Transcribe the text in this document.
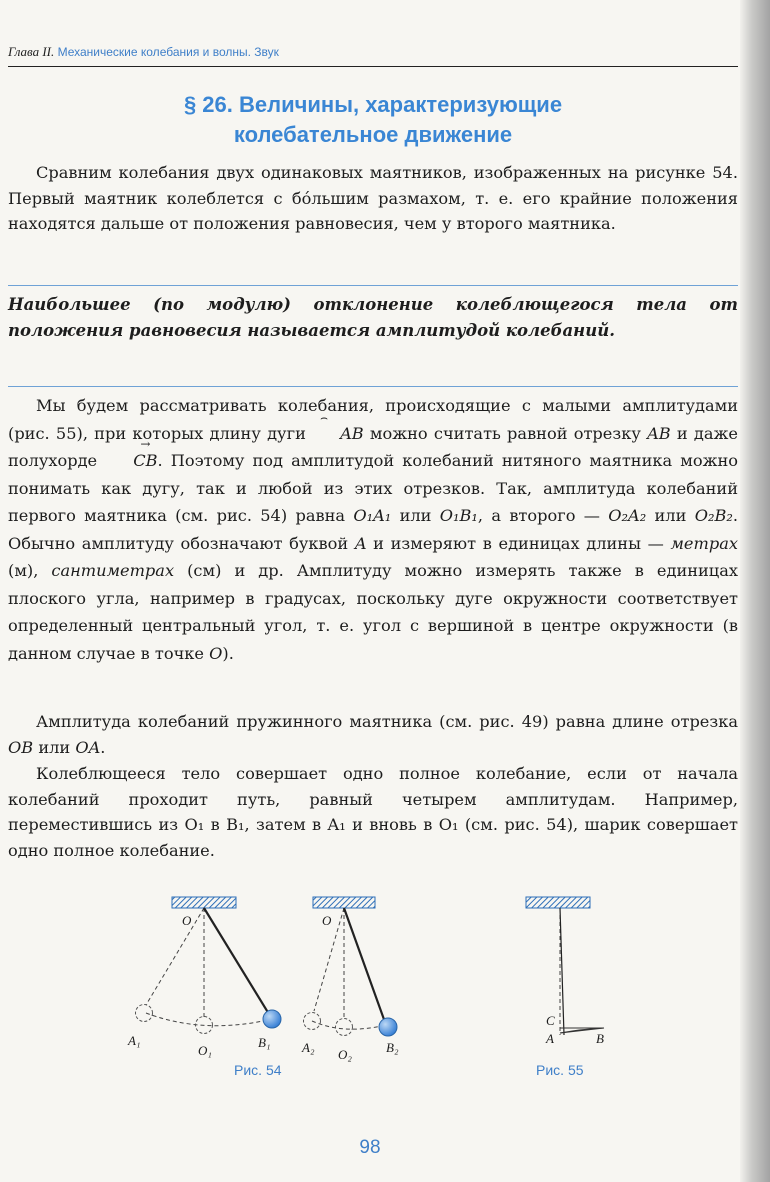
Глава II. Механические колебания и волны. Звук
§ 26. Величины, характеризующие
колебательное движение

Сравним колебания двух одинаковых маятников, изображенных на рисунке 54. Первый маятник колеблется с бо́льшим размахом, т. е. его крайние положения находятся дальше от положения равновесия, чем у второго маятника.

Наибольшее (по модулю) отклонение колеблющегося тела от положения равновесия называется амплитудой колебаний.

Мы будем рассматривать колебания, происходящие с малыми амплитудами (рис. 55), при которых длину дуги ⌣ AB можно считать равной отрезку AB и даже полухорде → CB. Поэтому под амплитудой колебаний нитяного маятника можно понимать как дугу, так и любой из этих отрезков. Так, амплитуда колебаний первого маятника (см. рис. 54) равна O₁A₁ или O₁B₁, а второго — O₂A₂ или O₂B₂. Обычно амплитуду обозначают буквой A и измеряют в единицах длины — метрах (м), сантиметрах (см) и др. Амплитуду можно измерять также в единицах плоского угла, например в градусах, поскольку дуге окружности соответствует определенный центральный угол, т. е. угол с вершиной в центре окружности (в данном случае в точке O).

Амплитуда колебаний пружинного маятника (см. рис. 49) равна длине отрезка OB или OA.

Колеблющееся тело совершает одно полное колебание, если от начала колебаний проходит путь, равный четырем амплитудам. Например, переместившись из O₁ в B₁, затем в A₁ и вновь в O₁ (см. рис. 54), шарик совершает одно полное колебание.

O	O
A₁
O₁
B₁ A₂ O₂	B₂
C
A	B
Рис. 54	Рис. 55
98
